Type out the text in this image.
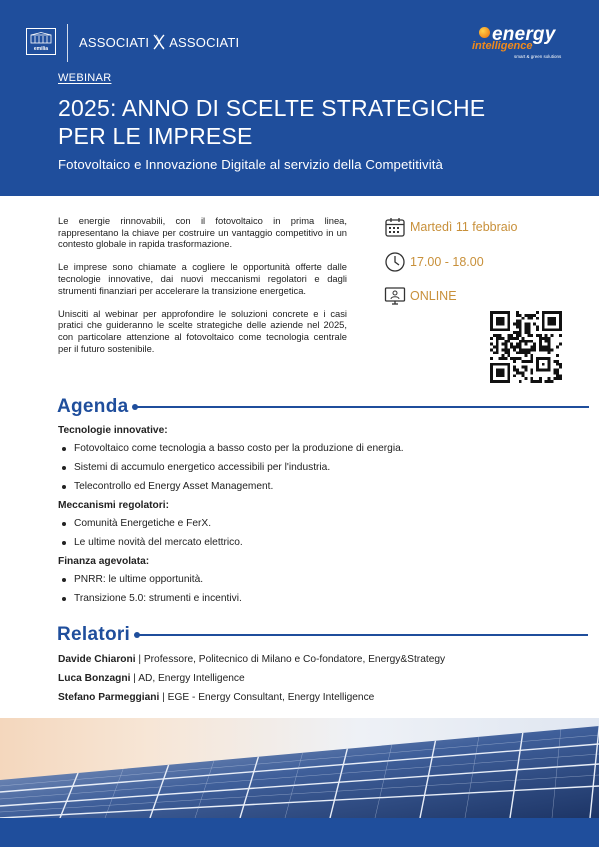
emilia	ASSOCIATI ASSOCIATI	energy
intelligence
smart & green solutions
WEBINAR
2025: ANNO DI SCELTE STRATEGICHE PER LE IMPRESE
Fotovoltaico e Innovazione Digitale al servizio della Competitività

Le energie rinnovabili, con il fotovoltaico in prima linea, rappresentano la chiave per costruire un vantaggio competitivo in un contesto globale in rapida trasformazione.

Le imprese sono chiamate a cogliere le opportunità offerte dalle tecnologie innovative, dai nuovi meccanismi regolatori e dagli strumenti finanziari per accelerare la transizione energetica.

Unisciti al webinar per approfondire le soluzioni concrete e i casi pratici che guideranno le scelte strategiche delle aziende nel 2025, con particolare attenzione al fotovoltaico come tecnologia centrale per il futuro sostenibile.

Martedì 11 febbraio
17.00 - 18.00
ONLINE
Agenda
Tecnologie innovative:
Fotovoltaico come tecnologia a basso costo per la produzione di energia.
Sistemi di accumulo energetico accessibili per l'industria.
Telecontrollo ed Energy Asset Management.
Meccanismi regolatori:
Comunità Energetiche e FerX.
Le ultime novità del mercato elettrico.
Finanza agevolata:
PNRR: le ultime opportunità.
Transizione 5.0: strumenti e incentivi.
Relatori
Davide Chiaroni | Professore, Politecnico di Milano e Co-fondatore, Energy&Strategy
Luca Bonzagni | AD, Energy Intelligence
Stefano Parmeggiani | EGE - Energy Consultant, Energy Intelligence
